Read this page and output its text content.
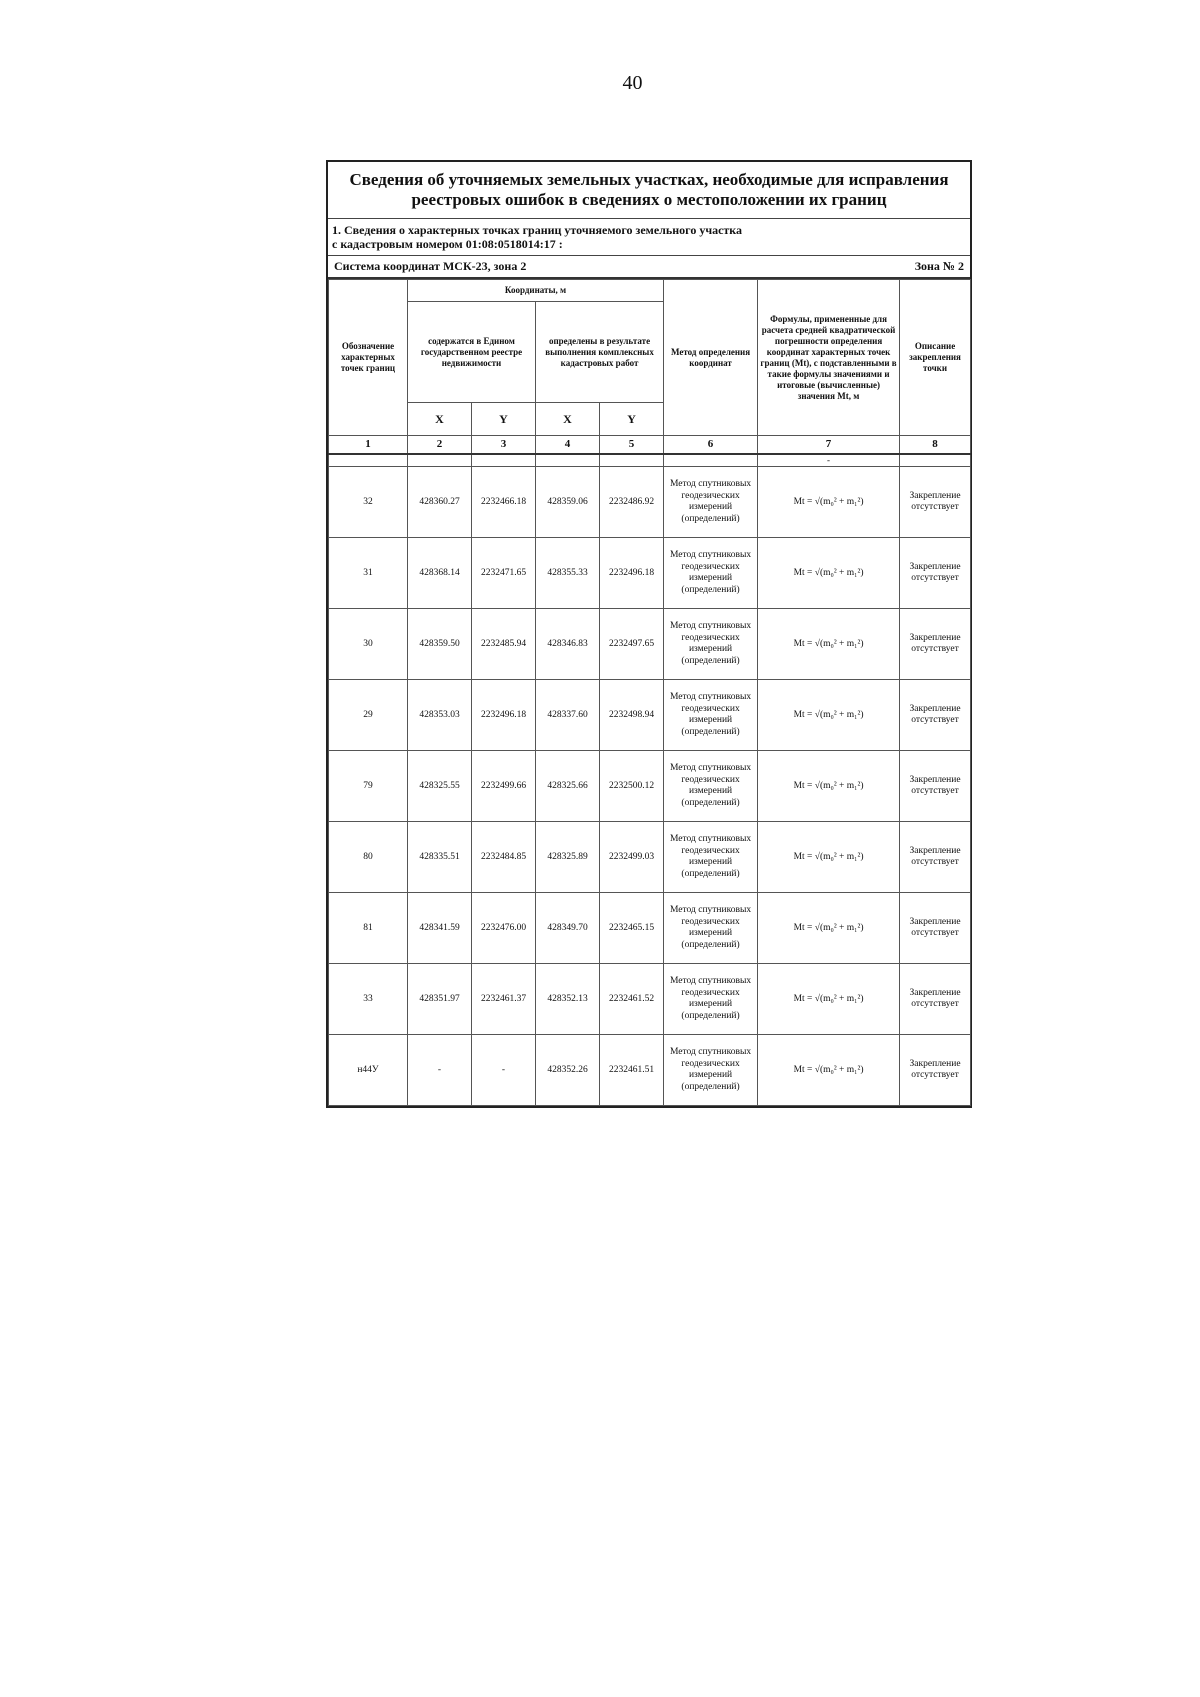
40
Сведения об уточняемых земельных участках, необходимые для исправления
реестровых ошибок в сведениях о местоположении их границ
1. Сведения о характерных точках границ уточняемого земельного участка
с кадастровым номером 01:08:0518014:17 :
Система координат МСК-23, зона 2	Зона № 2
Обозначение характерных точек границ	Координаты, м				Метод определения координат	Формулы, примененные для расчета средней квадратической погрешности определения координат характерных точек границ (Mt), с подставленными в такие формулы значениями и итоговые (вычисленные) значения Mt, м	Описание закрепления точки
	содержатся в Едином государственном реестре недвижимости		определены в результате выполнения комплексных кадастровых работ				
	X	Y	X	Y			
1	2	3	4	5	6	7	8
						-	
32	428360.27	2232466.18	428359.06	2232486.92	Метод спутниковых геодезических измерений (определений)	Mt = √(m₀² + m₁²)	Закрепление отсутствует
31	428368.14	2232471.65	428355.33	2232496.18	Метод спутниковых геодезических измерений (определений)	Mt = √(m₀² + m₁²)	Закрепление отсутствует
30	428359.50	2232485.94	428346.83	2232497.65	Метод спутниковых геодезических измерений (определений)	Mt = √(m₀² + m₁²)	Закрепление отсутствует
29	428353.03	2232496.18	428337.60	2232498.94	Метод спутниковых геодезических измерений (определений)	Mt = √(m₀² + m₁²)	Закрепление отсутствует
79	428325.55	2232499.66	428325.66	2232500.12	Метод спутниковых геодезических измерений (определений)	Mt = √(m₀² + m₁²)	Закрепление отсутствует
80	428335.51	2232484.85	428325.89	2232499.03	Метод спутниковых геодезических измерений (определений)	Mt = √(m₀² + m₁²)	Закрепление отсутствует
81	428341.59	2232476.00	428349.70	2232465.15	Метод спутниковых геодезических измерений (определений)	Mt = √(m₀² + m₁²)	Закрепление отсутствует
33	428351.97	2232461.37	428352.13	2232461.52	Метод спутниковых геодезических измерений (определений)	Mt = √(m₀² + m₁²)	Закрепление отсутствует
н44У	-	-	428352.26	2232461.51	Метод спутниковых геодезических измерений (определений)	Mt = √(m₀² + m₁²)	Закрепление отсутствует
